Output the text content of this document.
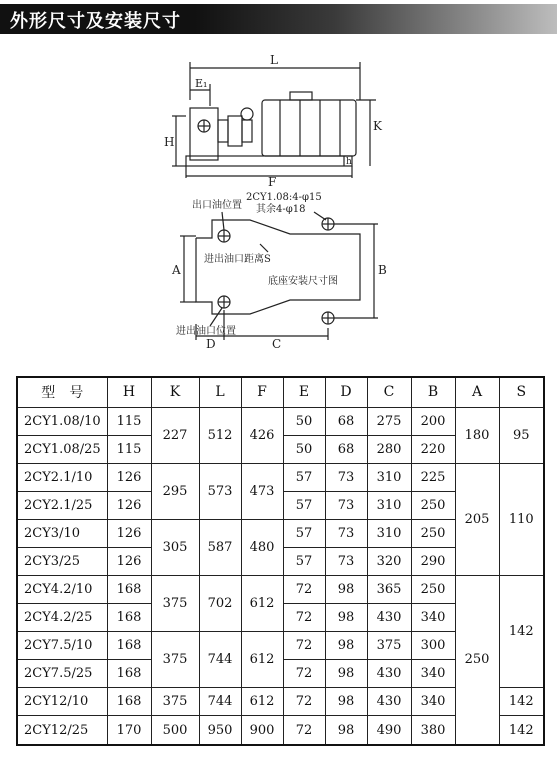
外形尺寸及安装尺寸
L
E₁
K
H
F
h
出口油位置
2CY1.08:4-φ15
其余4-φ18
进出油口距离S
底座安装尺寸图
进出油口位置
A	B
D	C
型　号	H	K	L	F	E	D	C	B	A	S
2CY1.08/10	115	227	512	426	50	68	275	200	180	95
2CY1.08/25	115				50	68	280	220		
2CY2.1/10	126	295	573	473	57	73	310	225	205	110
2CY2.1/25	126				57	73	310	250		
2CY3/10	126	305	587	480	57	73	310	250		
2CY3/25	126				57	73	320	290		
2CY4.2/10	168	375	702	612	72	98	365	250	250	142
2CY4.2/25	168				72	98	430	340		
2CY7.5/10	168	375	744	612	72	98	375	300		
2CY7.5/25	168				72	98	430	340		
2CY12/10	168	375	744	612	72	98	430	340		142
2CY12/25	170	500	950	900	72	98	490	380		142
